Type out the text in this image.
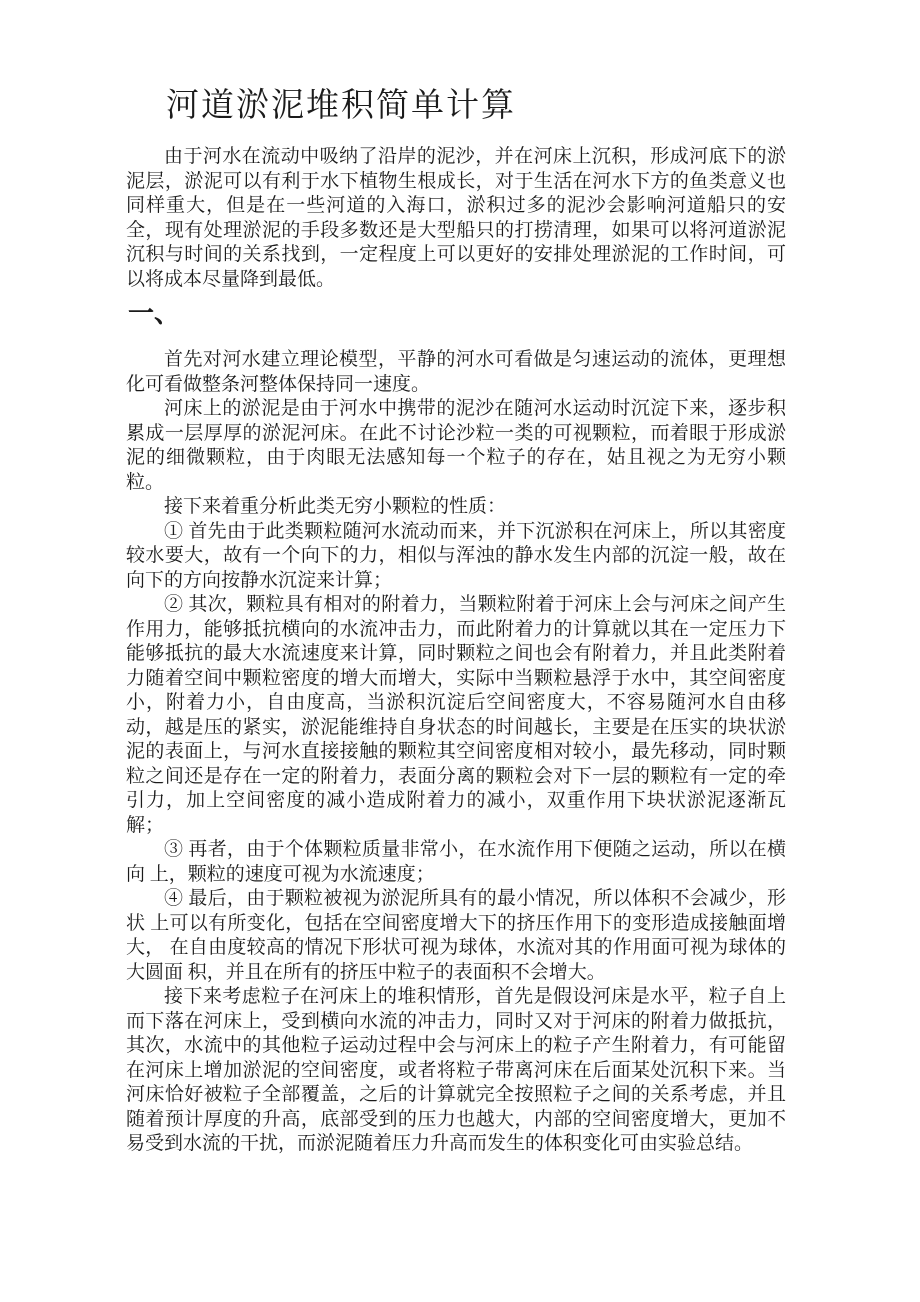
河道淤泥堆积简单计算

由于河水在流动中吸纳了沿岸的泥沙，并在河床上沉积，形成河底下的淤泥层，淤泥可以有利于水下植物生根成长，对于生活在河水下方的鱼类意义也同样重大，但是在一些河道的入海口，淤积过多的泥沙会影响河道船只的安全，现有处理淤泥的手段多数还是大型船只的打捞清理，如果可以将河道淤泥沉积与时间的关系找到，一定程度上可以更好的安排处理淤泥的工作时间，可以将成本尽量降到最低。

一、

首先对河水建立理论模型，平静的河水可看做是匀速运动的流体，更理想化可看做整条河整体保持同一速度。

河床上的淤泥是由于河水中携带的泥沙在随河水运动时沉淀下来，逐步积累成一层厚厚的淤泥河床。在此不讨论沙粒一类的可视颗粒，而着眼于形成淤泥的细微颗粒，由于肉眼无法感知每一个粒子的存在，姑且视之为无穷小颗粒。

接下来着重分析此类无穷小颗粒的性质：

① 首先由于此类颗粒随河水流动而来，并下沉淤积在河床上，所以其密度较水要大，故有一个向下的力，相似与浑浊的静水发生内部的沉淀一般，故在向下的方向按静水沉淀来计算；

② 其次，颗粒具有相对的附着力，当颗粒附着于河床上会与河床之间产生作用力，能够抵抗横向的水流冲击力，而此附着力的计算就以其在一定压力下能够抵抗的最大水流速度来计算，同时颗粒之间也会有附着力，并且此类附着力随着空间中颗粒密度的增大而增大，实际中当颗粒悬浮于水中，其空间密度小，附着力小，自由度高，当淤积沉淀后空间密度大，不容易随河水自由移动，越是压的紧实，淤泥能维持自身状态的时间越长，主要是在压实的块状淤泥的表面上，与河水直接接触的颗粒其空间密度相对较小，最先移动，同时颗粒之间还是存在一定的附着力，表面分离的颗粒会对下一层的颗粒有一定的牵引力，加上空间密度的减小造成附着力的减小，双重作用下块状淤泥逐渐瓦解；

③ 再者，由于个体颗粒质量非常小，在水流作用下便随之运动，所以在横向 上，颗粒的速度可视为水流速度；

④ 最后，由于颗粒被视为淤泥所具有的最小情况，所以体积不会减少，形状 上可以有所变化，包括在空间密度增大下的挤压作用下的变形造成接触面增大， 在自由度较高的情况下形状可视为球体，水流对其的作用面可视为球体的大圆面 积，并且在所有的挤压中粒子的表面积不会增大。

接下来考虑粒子在河床上的堆积情形，首先是假设河床是水平，粒子自上而下落在河床上，受到横向水流的冲击力，同时又对于河床的附着力做抵抗，其次，水流中的其他粒子运动过程中会与河床上的粒子产生附着力，有可能留在河床上增加淤泥的空间密度，或者将粒子带离河床在后面某处沉积下来。当河床恰好被粒子全部覆盖，之后的计算就完全按照粒子之间的关系考虑，并且随着预计厚度的升高，底部受到的压力也越大，内部的空间密度增大，更加不易受到水流的干扰，而淤泥随着压力升高而发生的体积变化可由实验总结。
